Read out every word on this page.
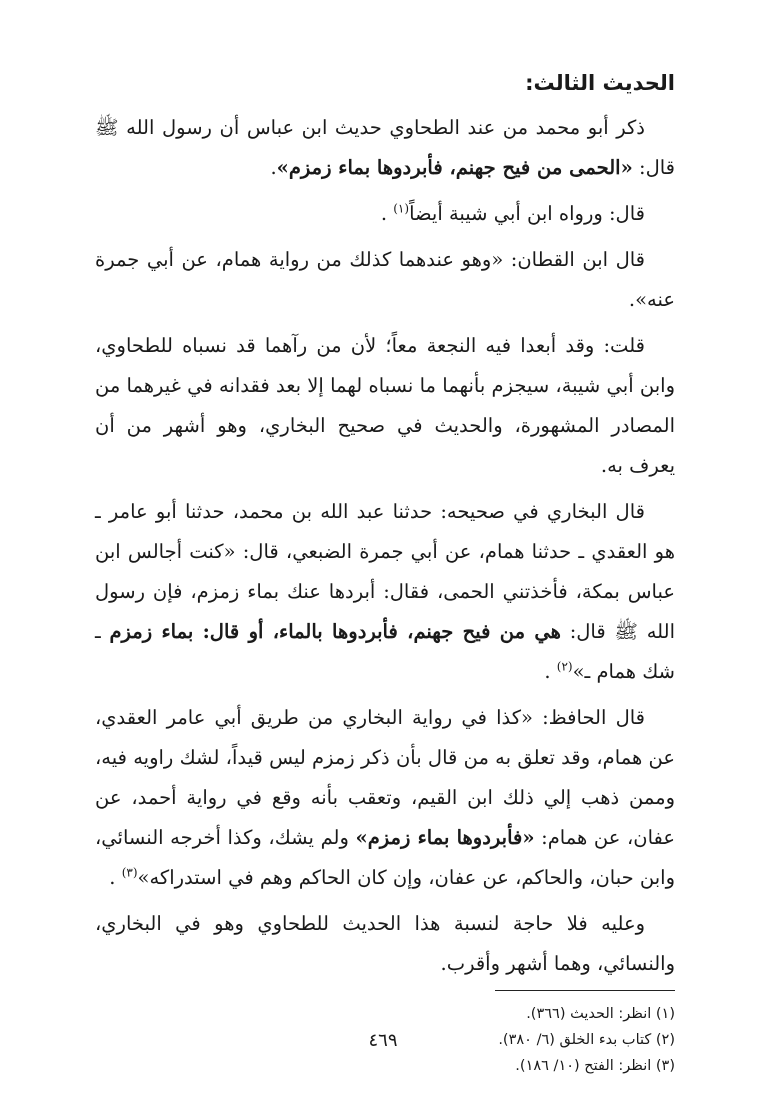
الحديث الثالث:

ذكر أبو محمد من عند الطحاوي حديث ابن عباس أن رسول الله ﷺ قال: «الحمى من فيح جهنم، فأبردوها بماء زمزم».

قال: ورواه ابن أبي شيبة أيضاً$^{(١)}$ .

قال ابن القطان: «وهو عندهما كذلك من رواية همام، عن أبي جمرة عنه».

قلت: وقد أبعدا فيه النجعة معاً؛ لأن من رآهما قد نسباه للطحاوي، وابن أبي شيبة، سيجزم بأنهما ما نسباه لهما إلا بعد فقدانه في غيرهما من المصادر المشهورة، والحديث في صحيح البخاري، وهو أشهر من أن يعرف به.

قال البخاري في صحيحه: حدثنا عبد الله بن محمد، حدثنا أبو عامر ـ هو العقدي ـ حدثنا همام، عن أبي جمرة الضبعي، قال: «كنت أجالس ابن عباس بمكة، فأخذتني الحمى، فقال: أبردها عنك بماء زمزم، فإن رسول الله ﷺ قال: هي من فيح جهنم، فأبردوها بالماء، أو قال: بماء زمزم ـ شك همام ـ»$^{(٢)}$ .

قال الحافظ: «كذا في رواية البخاري من طريق أبي عامر العقدي، عن همام، وقد تعلق به من قال بأن ذكر زمزم ليس قيداً، لشك راويه فيه، وممن ذهب إلي ذلك ابن القيم، وتعقب بأنه وقع في رواية أحمد، عن عفان، عن همام: «فأبردوها بماء زمزم» ولم يشك، وكذا أخرجه النسائي، وابن حبان، والحاكم، عن عفان، وإن كان الحاكم وهم في استدراكه»$^{(٣)}$ .

وعليه فلا حاجة لنسبة هذا الحديث للطحاوي وهو في البخاري، والنسائي، وهما أشهر وأقرب.

(١) انظر: الحديث (٣٦٦).
(٢) كتاب بدء الخلق (٦/ ٣٨٠).
(٣) انظر: الفتح (١٠/ ١٨٦).
٤٦٩
